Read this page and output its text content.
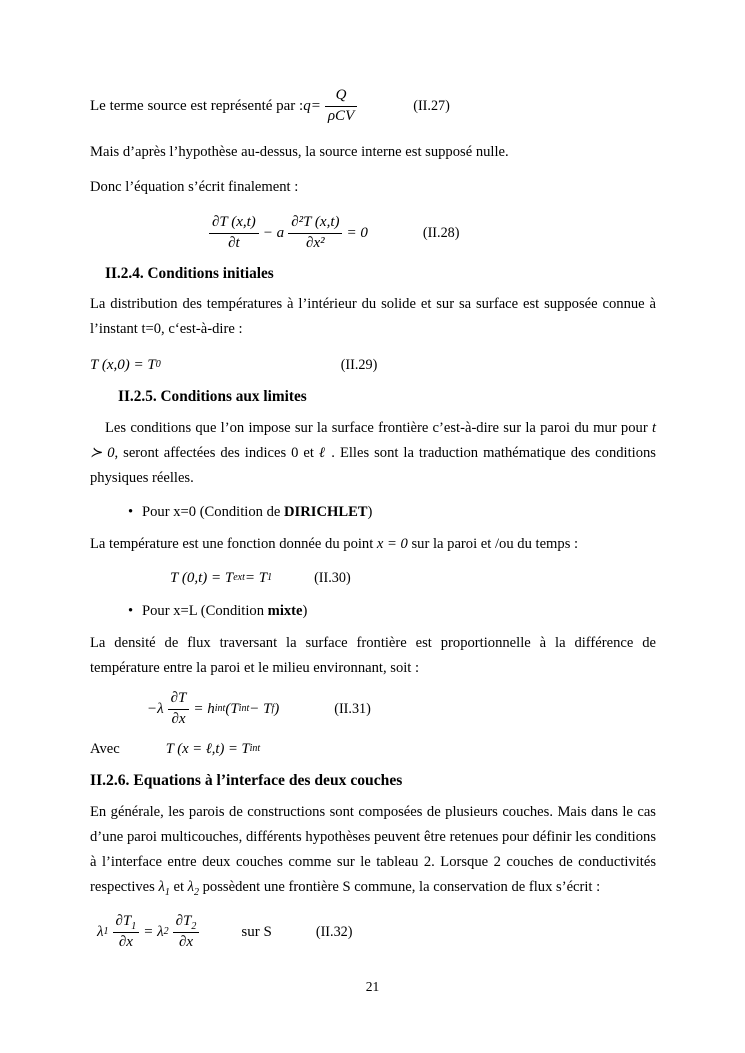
Le terme source est représenté par : $q = \frac{Q}{\text{ρCV}}$	(II.27)

Mais d’après l’hypothèse au-dessus, la source interne est supposé nulle.

Donc l’équation s’écrit finalement :

$\frac{\partial T (x,t)}{\partial t} - a \frac{\text{∂²T (x,t)}}{\text{∂x²}} = 0$	(II.28)
II.2.4. Conditions initiales

La distribution des températures à l’intérieur du solide et sur sa surface est supposée connue à l’instant t=0, c‘est-à-dire :

T (x,0) = T 0	(II.29)
II.2.5. Conditions aux limites

Les conditions que l’on impose sur la surface frontière c’est-à-dire sur la paroi du mur pour t ≻ 0, seront affectées des indices 0 et ℓ . Elles sont la traduction mathématique des conditions physiques réelles.

• Pour x=0 (Condition de DIRICHLET)

La température est une fonction donnée du point x = 0 sur la paroi et /ou du temps :

T (0,t) = T ext = T 1	(II.30)
• Pour x=L (Condition mixte)

La densité de flux traversant la surface frontière est proportionnelle à la différence de température entre la paroi et le milieu environnant, soit :

$-\lambda \frac{\partial T}{\partial x} = h$ int (T int − T f )	(II.31)
Avec	T (x = ℓ,t) = T int
II.2.6. Equations à l’interface des deux couches

En générale, les parois de constructions sont composées de plusieurs couches. Mais dans le cas d’une paroi multicouches, différents hypothèses peuvent être retenues pour définir les conditions à l’interface entre deux couches comme sur le tableau 2. Lorsque 2 couches de conductivités respectives $\lambda_1$ et $\lambda_2$ possèdent une frontière S commune, la conservation de flux s’écrit :

λ $1 \frac{\partial T_1}{\partial x} = \lambda$ $2 \frac{\partial T_2}{\partial x}$	sur S	(II.32)
21
